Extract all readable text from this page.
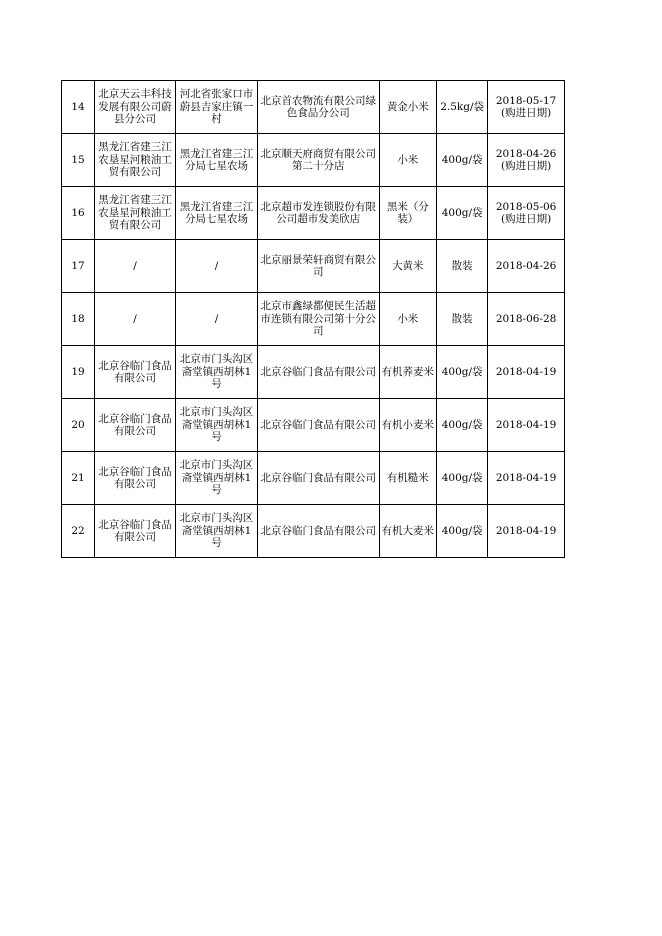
14	北京天云丰科技发展有限公司蔚县分公司	河北省张家口市蔚县吉家庄镇一村	北京首农物流有限公司绿色食品分公司	黄金小米	2.5kg/袋	2018-05-17(购进日期)
15	黑龙江省建三江农垦星河粮油工贸有限公司	黑龙江省建三江分局七星农场	北京顺天府商贸有限公司第二十分店	小米	400g/袋	2018-04-26(购进日期)
16	黑龙江省建三江农垦星河粮油工贸有限公司	黑龙江省建三江分局七星农场	北京超市发连锁股份有限公司超市发美欣店	黑米（分装）	400g/袋	2018-05-06(购进日期)
17	/	/	北京丽景荣轩商贸有限公司	大黄米	散装	2018-04-26
18	/	/	北京市鑫绿都便民生活超市连锁有限公司第十分公司	小米	散装	2018-06-28
19	北京谷临门食品有限公司	北京市门头沟区斋堂镇西胡林1号	北京谷临门食品有限公司	有机荞麦米	400g/袋	2018-04-19
20	北京谷临门食品有限公司	北京市门头沟区斋堂镇西胡林1号	北京谷临门食品有限公司	有机小麦米	400g/袋	2018-04-19
21	北京谷临门食品有限公司	北京市门头沟区斋堂镇西胡林1号	北京谷临门食品有限公司	有机糙米	400g/袋	2018-04-19
22	北京谷临门食品有限公司	北京市门头沟区斋堂镇西胡林1号	北京谷临门食品有限公司	有机大麦米	400g/袋	2018-04-19
